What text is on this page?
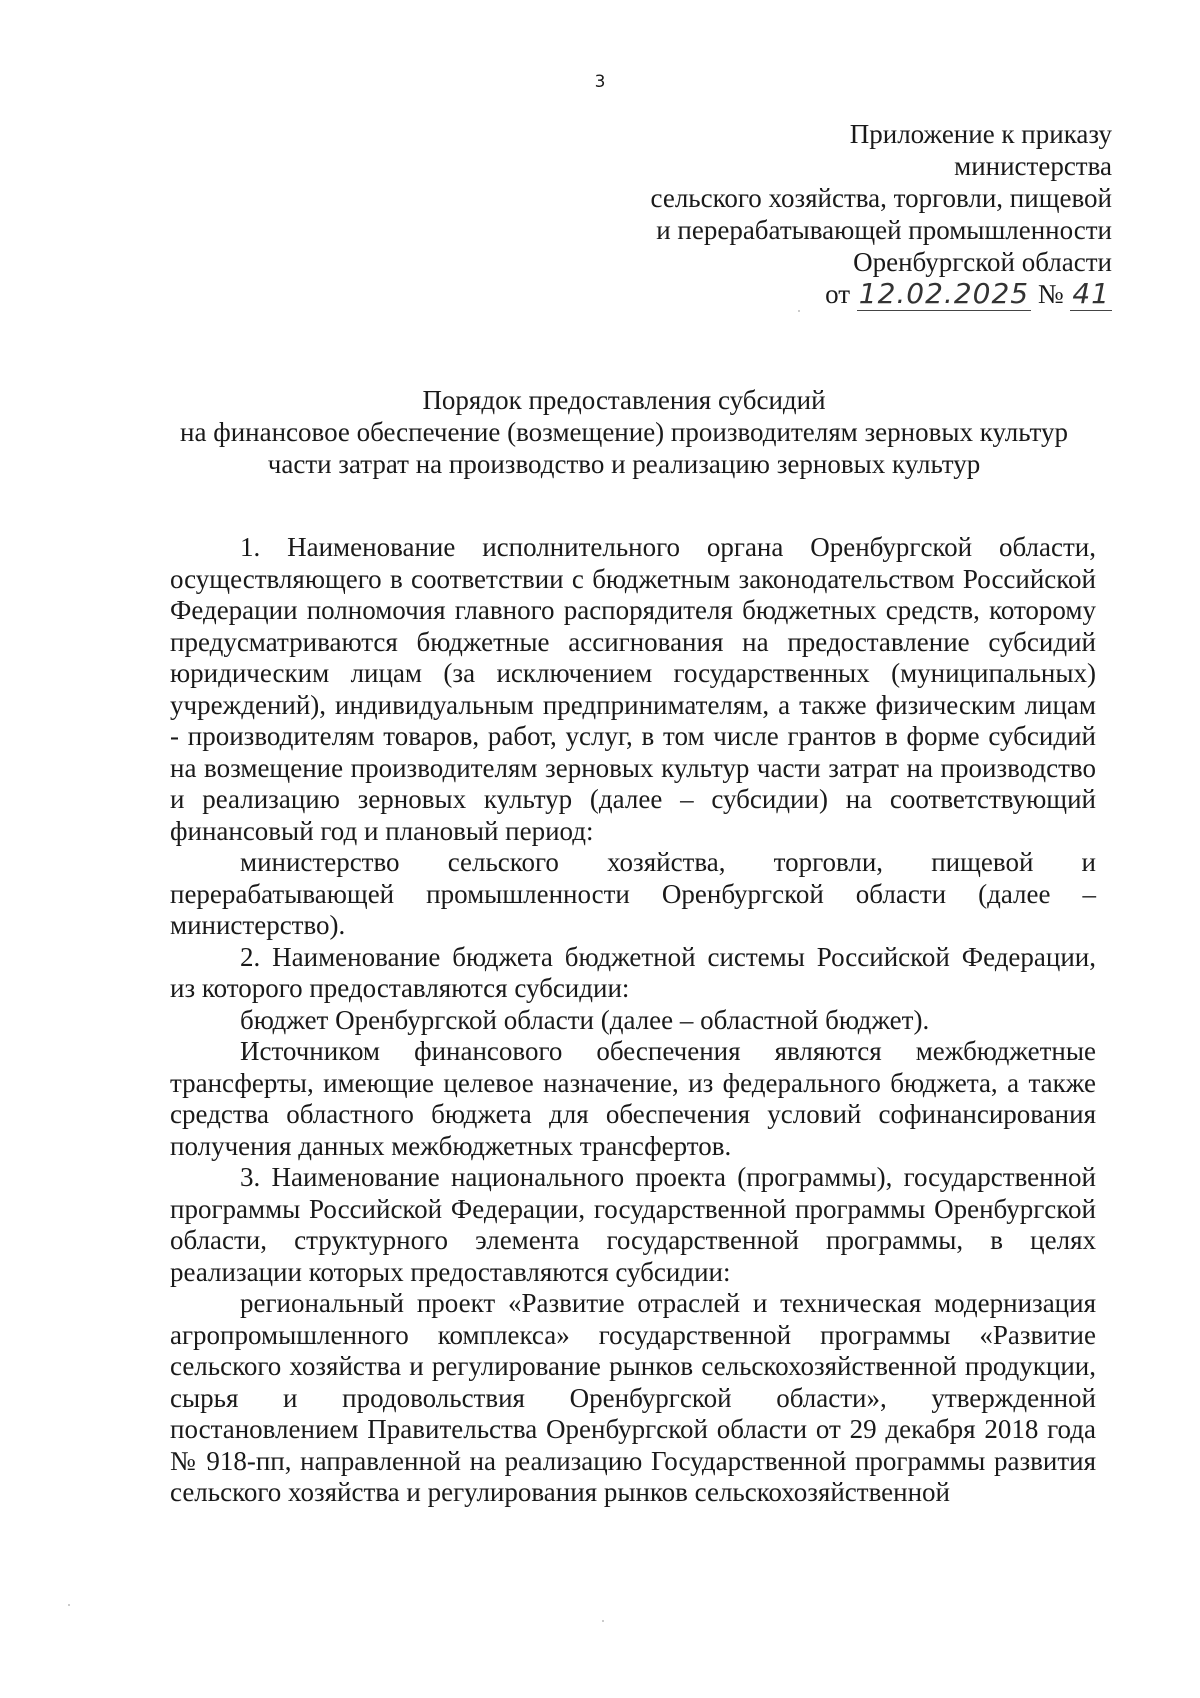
3
Приложение к приказу
министерства
сельского хозяйства, торговли, пищевой
и перерабатывающей промышленности
Оренбургской области
от 12.02.2025 № 41
Порядок предоставления субсидий
на финансовое обеспечение (возмещение) производителям зерновых культур
части затрат на производство и реализацию зерновых культур

1. Наименование исполнительного органа Оренбургской области, осуществляющего в соответствии с бюджетным законодательством Российской Федерации полномочия главного распорядителя бюджетных средств, которому предусматриваются бюджетные ассигнования на предоставление субсидий юридическим лицам (за исключением государственных (муниципальных) учреждений), индивидуальным предпринимателям, а также физическим лицам - производителям товаров, работ, услуг, в том числе грантов в форме субсидий на возмещение производителям зерновых культур части затрат на производство и реализацию зерновых культур (далее – субсидии) на соответствующий финансовый год и плановый период:

министерство сельского хозяйства, торговли, пищевой и перерабатывающей промышленности Оренбургской области (далее – министерство).

2. Наименование бюджета бюджетной системы Российской Федерации, из которого предоставляются субсидии:

бюджет Оренбургской области (далее – областной бюджет).

Источником финансового обеспечения являются межбюджетные трансферты, имеющие целевое назначение, из федерального бюджета, а также средства областного бюджета для обеспечения условий софинансирования получения данных межбюджетных трансфертов.

3. Наименование национального проекта (программы), государственной программы Российской Федерации, государственной программы Оренбургской области, структурного элемента государственной программы, в целях реализации которых предоставляются субсидии:

региональный проект «Развитие отраслей и техническая модернизация агропромышленного комплекса» государственной программы «Развитие сельского хозяйства и регулирование рынков сельскохозяйственной продукции, сырья и продовольствия Оренбургской области», утвержденной постановлением Правительства Оренбургской области от 29 декабря 2018 года № 918-пп, направленной на реализацию Государственной программы развития сельского хозяйства и регулирования рынков сельскохозяйственной
